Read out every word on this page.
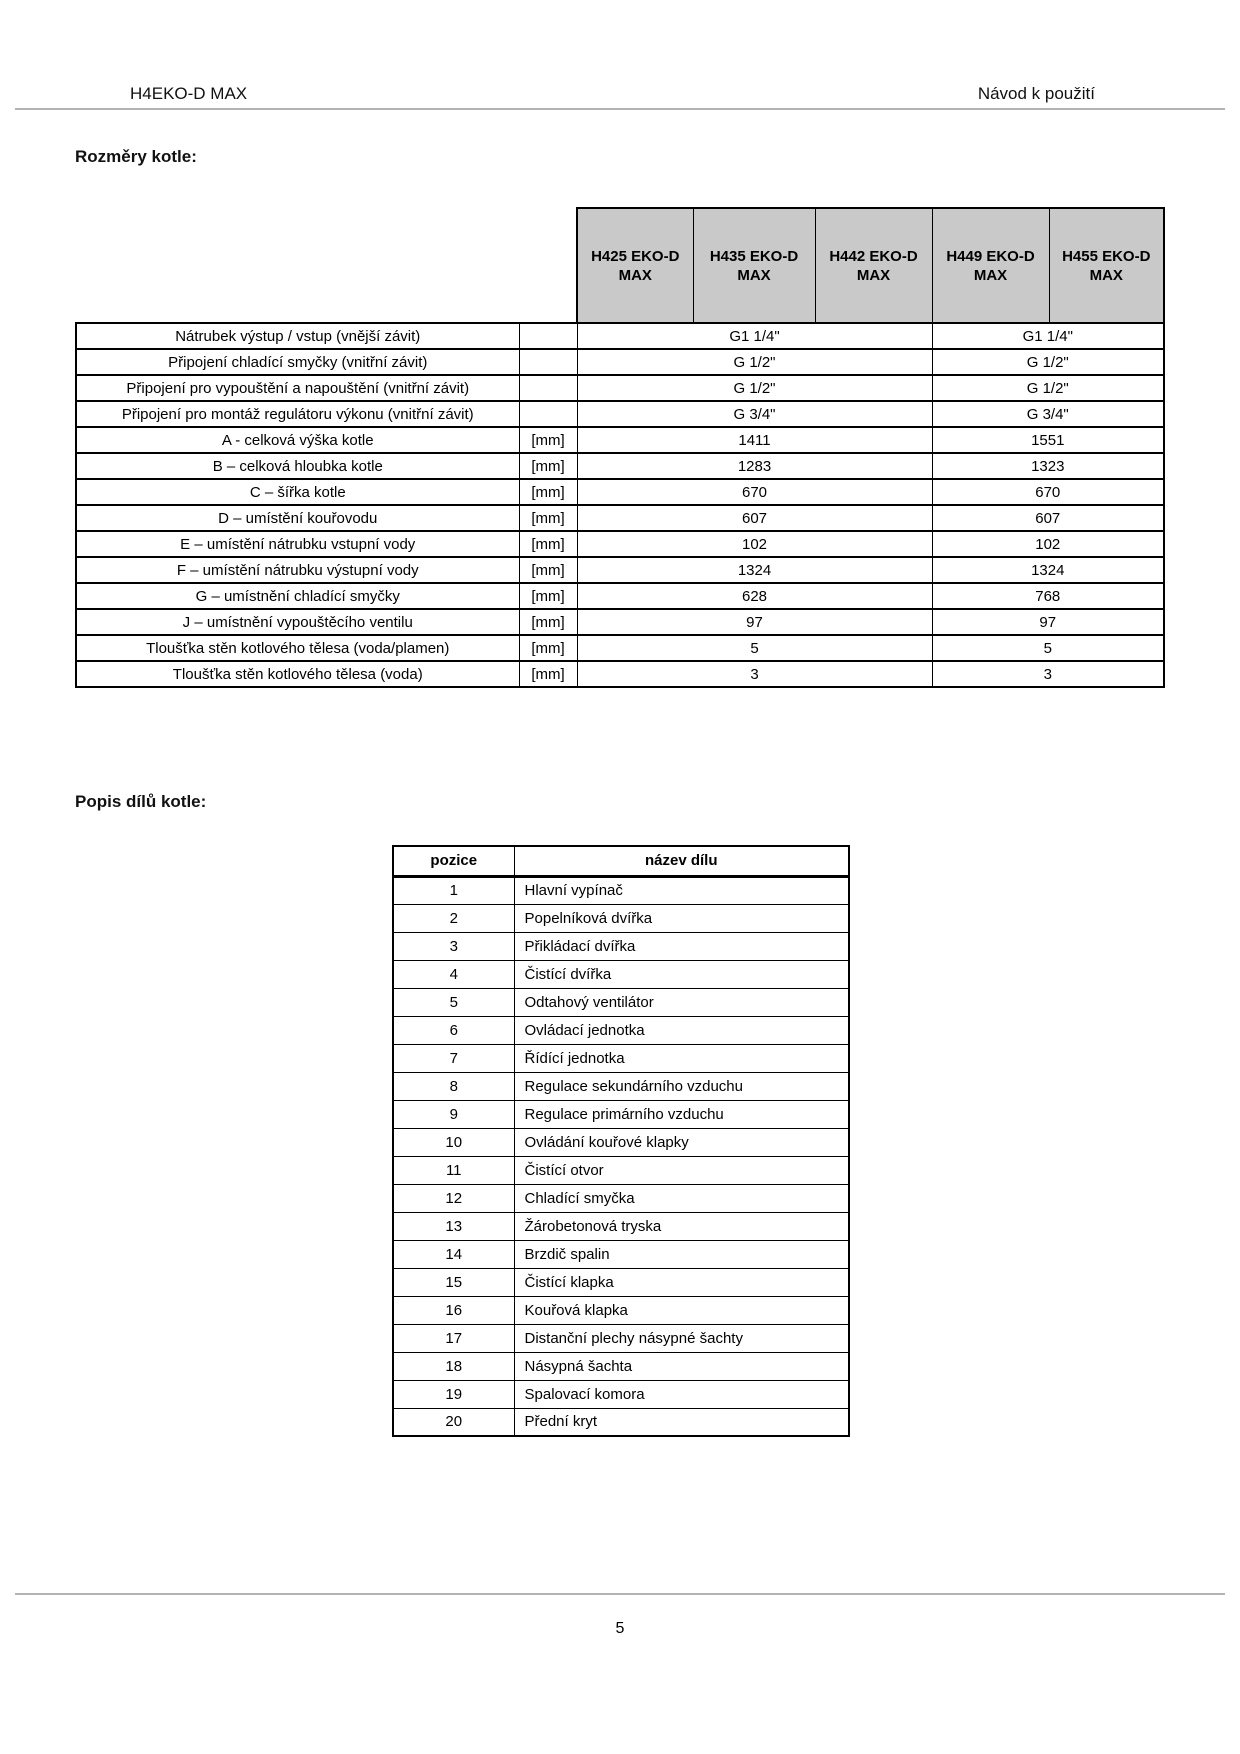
H4EKO-D MAX	Návod k použití
Rozměry kotle:
		H425 EKO-D MAX	H435 EKO-D MAX	H442 EKO-D MAX	H449 EKO-D MAX	H455 EKO-D MAX
Nátrubek výstup / vstup (vnější závit)		G1 1/4"			G1 1/4"	
Připojení chladící smyčky (vnitřní závit)		G 1/2"			G 1/2"	
Připojení pro vypouštění a napouštění (vnitřní závit)		G 1/2"			G 1/2"	
Připojení pro montáž regulátoru výkonu (vnitřní závit)		G 3/4"			G 3/4"	
A - celková výška kotle	[mm]	1411			1551	
B – celková hloubka kotle	[mm]	1283			1323	
C – šířka kotle	[mm]	670			670	
D – umístění kouřovodu	[mm]	607			607	
E – umístění nátrubku vstupní vody	[mm]	102			102	
F – umístění nátrubku výstupní vody	[mm]	1324			1324	
G – umístnění chladící smyčky	[mm]	628			768	
J – umístnění vypouštěcího ventilu	[mm]	97			97	
Tloušťka stěn kotlového tělesa (voda/plamen)	[mm]	5			5	
Tloušťka stěn kotlového tělesa (voda)	[mm]	3			3	
Popis dílů kotle:
pozice	název dílu
1	Hlavní vypínač
2	Popelníková dvířka
3	Přikládací dvířka
4	Čistící dvířka
5	Odtahový ventilátor
6	Ovládací jednotka
7	Řídící jednotka
8	Regulace sekundárního vzduchu
9	Regulace primárního vzduchu
10	Ovládání kouřové klapky
11	Čistící otvor
12	Chladící smyčka
13	Žárobetonová tryska
14	Brzdič spalin
15	Čistící klapka
16	Kouřová klapka
17	Distanční plechy násypné šachty
18	Násypná šachta
19	Spalovací komora
20	Přední kryt
5
